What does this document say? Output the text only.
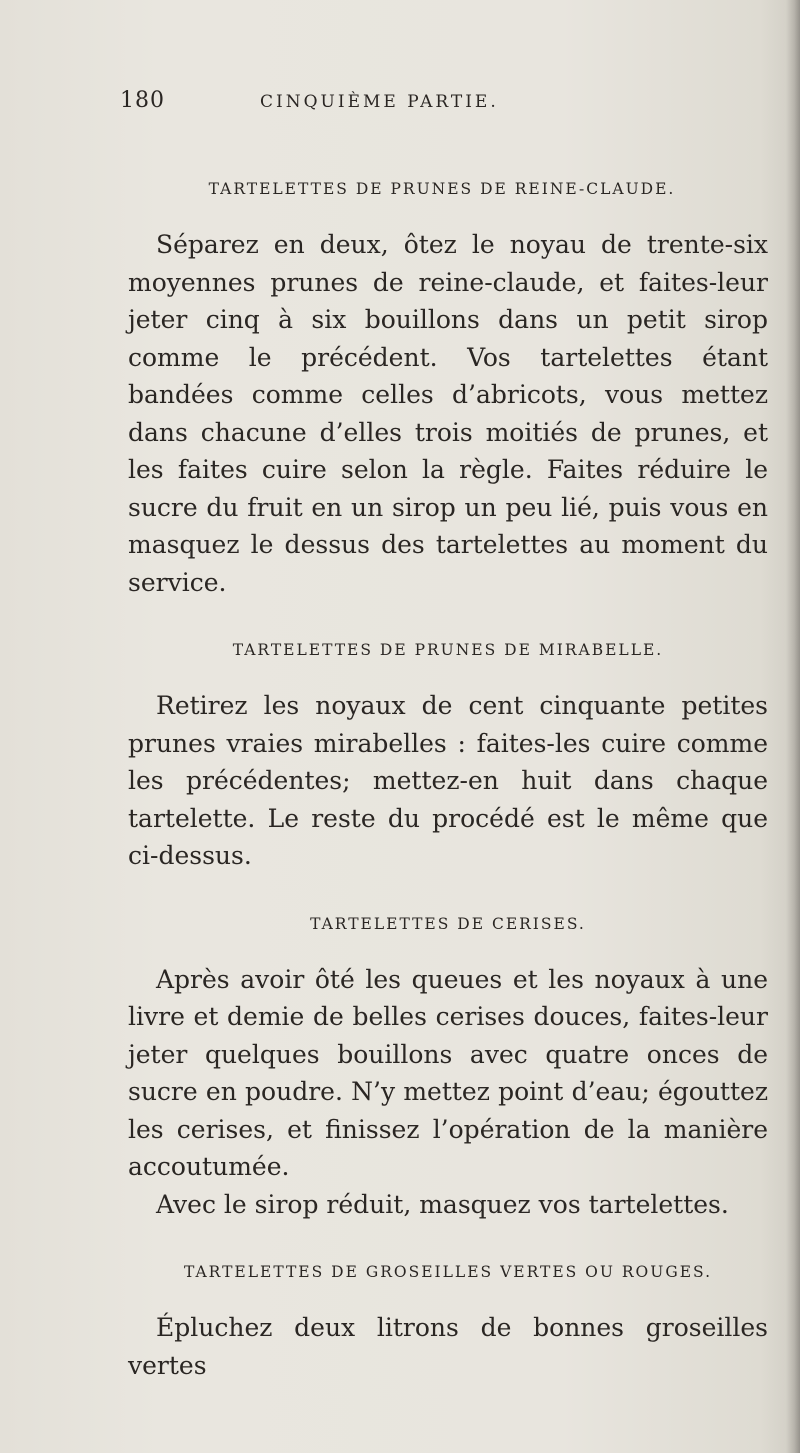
180	CINQUIÈME PARTIE.
TARTELETTES DE PRUNES DE REINE-CLAUDE.

Séparez en deux, ôtez le noyau de trente-six moyennes prunes de reine-claude, et faites-leur jeter cinq à six bouillons dans un petit sirop comme le précédent. Vos tartelettes étant bandées comme celles d’abricots, vous mettez dans chacune d’elles trois moitiés de prunes, et les faites cuire selon la règle. Faites réduire le sucre du fruit en un sirop un peu lié, puis vous en masquez le dessus des tartelettes au moment du service.

TARTELETTES DE PRUNES DE MIRABELLE.

Retirez les noyaux de cent cinquante petites prunes vraies mirabelles : faites-les cuire comme les précédentes; mettez-en huit dans chaque tartelette. Le reste du procédé est le même que ci-dessus.

TARTELETTES DE CERISES.

Après avoir ôté les queues et les noyaux à une livre et demie de belles cerises douces, faites-leur jeter quelques bouillons avec quatre onces de sucre en poudre. N’y mettez point d’eau; égouttez les cerises, et finissez l’opération de la manière accoutumée.

Avec le sirop réduit, masquez vos tartelettes.

TARTELETTES DE GROSEILLES VERTES OU ROUGES.

Épluchez deux litrons de bonnes groseilles vertes
